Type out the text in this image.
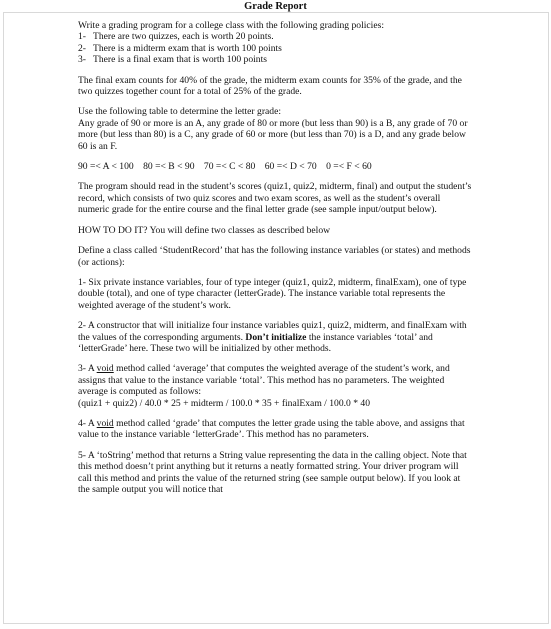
Grade Report

Write a grading program for a college class with the following grading policies:

1- There are two quizzes, each is worth 20 points.
2- There is a midterm exam that is worth 100 points
3- There is a final exam that is worth 100 points

The final exam counts for 40% of the grade, the midterm exam counts for 35% of the grade, and the two quizzes together count for a total of 25% of the grade.

Use the following table to determine the letter grade:
Any grade of 90 or more is an A, any grade of 80 or more (but less than 90) is a B, any grade of 70 or more (but less than 80) is a C, any grade of 60 or more (but less than 70) is a D, and any grade below 60 is an F.
90 =< A < 100 80 =< B < 90 70 =< C < 80 60 =< D < 70 0 =< F < 60

The program should read in the student’s scores (quiz1, quiz2, midterm, final) and output the student’s record, which consists of two quiz scores and two exam scores, as well as the student’s overall numeric grade for the entire course and the final letter grade (see sample input/output below).

HOW TO DO IT? You will define two classes as described below

Define a class called ‘StudentRecord’ that has the following instance variables (or states) and methods (or actions):

1- Six private instance variables, four of type integer (quiz1, quiz2, midterm, finalExam), one of type double (total), and one of type character (letterGrade). The instance variable total represents the weighted average of the student’s work.

2- A constructor that will initialize four instance variables quiz1, quiz2, midterm, and finalExam with the values of the corresponding arguments. Don’t initialize the instance variables ‘total’ and ‘letterGrade’ here. These two will be initialized by other methods.

3- A void method called ‘average’ that computes the weighted average of the student’s work, and assigns that value to the instance variable ‘total’. This method has no parameters. The weighted average is computed as follows:
(quiz1 + quiz2) / 40.0 * 25 + midterm / 100.0 * 35 + finalExam / 100.0 * 40

4- A void method called ‘grade’ that computes the letter grade using the table above, and assigns that value to the instance variable ‘letterGrade’. This method has no parameters.

5- A ‘toString’ method that returns a String value representing the data in the calling object. Note that this method doesn’t print anything but it returns a neatly formatted string. Your driver program will call this method and prints the value of the returned string (see sample output below). If you look at the sample output you will notice that
